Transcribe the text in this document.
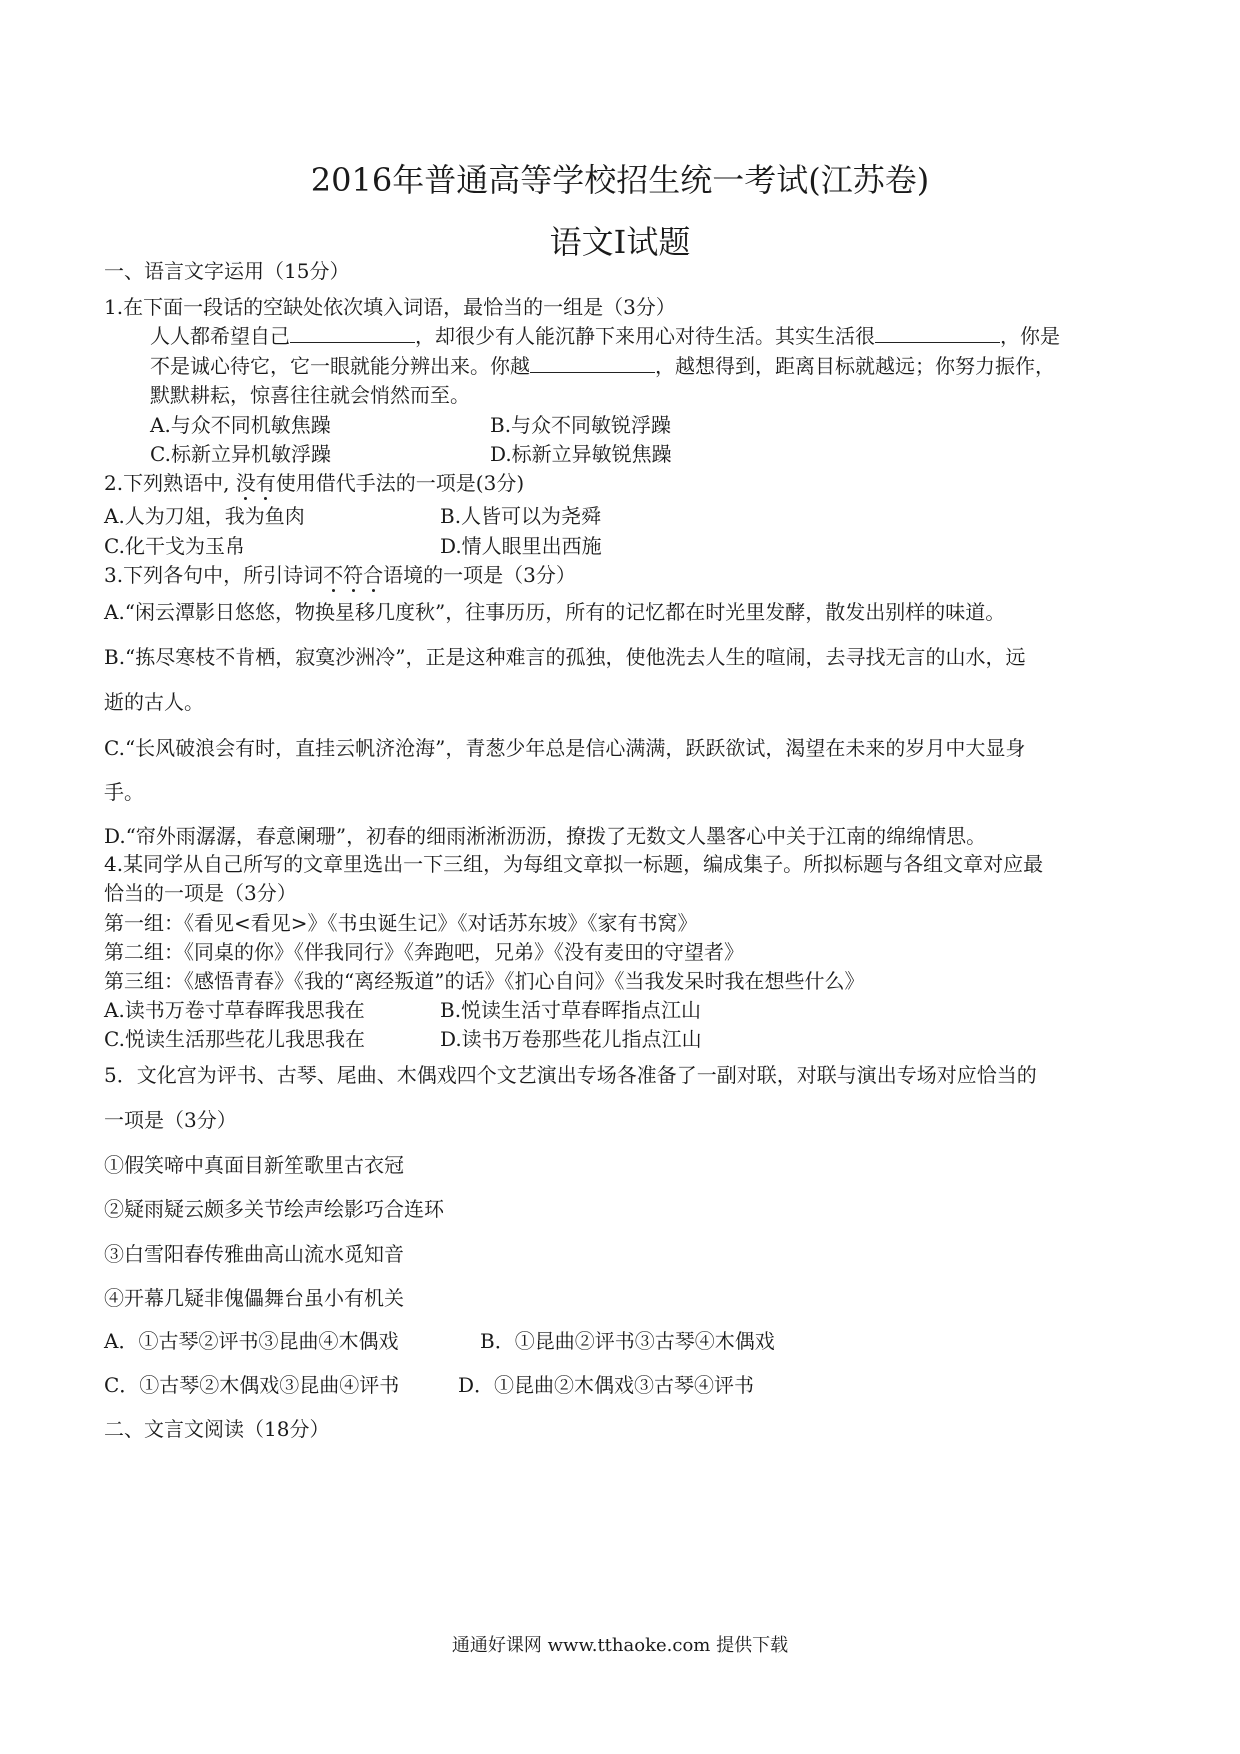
2016年普通高等学校招生统一考试(江苏卷)
语文I试题
一、语言文字运用（15分）
1.在下面一段话的空缺处依次填入词语，最恰当的一组是（3分）
人人都希望自己	，却很少有人能沉静下来用心对待生活。其实生活很	，你是
不是诚心待它，它一眼就能分辨出来。你越	，越想得到，距离目标就越远；你努力振作，
默默耕耘，惊喜往往就会悄然而至。
A.与众不同机敏焦躁	B.与众不同敏锐浮躁
C.标新立异机敏浮躁	D.标新立异敏锐焦躁
2.下列熟语中, 没有使用借代手法的一项是(3分)
A.人为刀俎，我为鱼肉	B.人皆可以为尧舜
C.化干戈为玉帛	D.情人眼里出西施
3.下列各句中，所引诗词不符合语境的一项是（3分）
A.“闲云潭影日悠悠，物换星移几度秋”，往事历历，所有的记忆都在时光里发酵，散发出别样的味道。
B.“拣尽寒枝不肯栖，寂寞沙洲冷”，正是这种难言的孤独，使他洗去人生的喧闹，去寻找无言的山水，远
逝的古人。
C.“长风破浪会有时，直挂云帆济沧海”，青葱少年总是信心满满，跃跃欲试，渴望在未来的岁月中大显身
手。
D.“帘外雨潺潺，春意阑珊”，初春的细雨淅淅沥沥，撩拨了无数文人墨客心中关于江南的绵绵情思。
4.某同学从自己所写的文章里选出一下三组，为每组文章拟一标题，编成集子。所拟标题与各组文章对应最
恰当的一项是（3分）
第一组：《看见<看见>》《书虫诞生记》《对话苏东坡》《家有书窝》
第二组：《同桌的你》《伴我同行》《奔跑吧，兄弟》《没有麦田的守望者》
第三组：《感悟青春》《我的“离经叛道”的话》《扪心自问》《当我发呆时我在想些什么》
A.读书万卷寸草春晖我思我在	B.悦读生活寸草春晖指点江山
C.悦读生活那些花儿我思我在	D.读书万卷那些花儿指点江山
5．文化宫为评书、古琴、尾曲、木偶戏四个文艺演出专场各准备了一副对联，对联与演出专场对应恰当的
一项是（3分）
①假笑啼中真面目新笙歌里古衣冠
②疑雨疑云颇多关节绘声绘影巧合连环
③白雪阳春传雅曲高山流水觅知音
④开幕几疑非傀儡舞台虽小有机关
A．①古琴②评书③昆曲④木偶戏	B．①昆曲②评书③古琴④木偶戏
C．①古琴②木偶戏③昆曲④评书	D．①昆曲②木偶戏③古琴④评书
二、文言文阅读（18分）
通通好课网 www.tthaoke.com 提供下载
